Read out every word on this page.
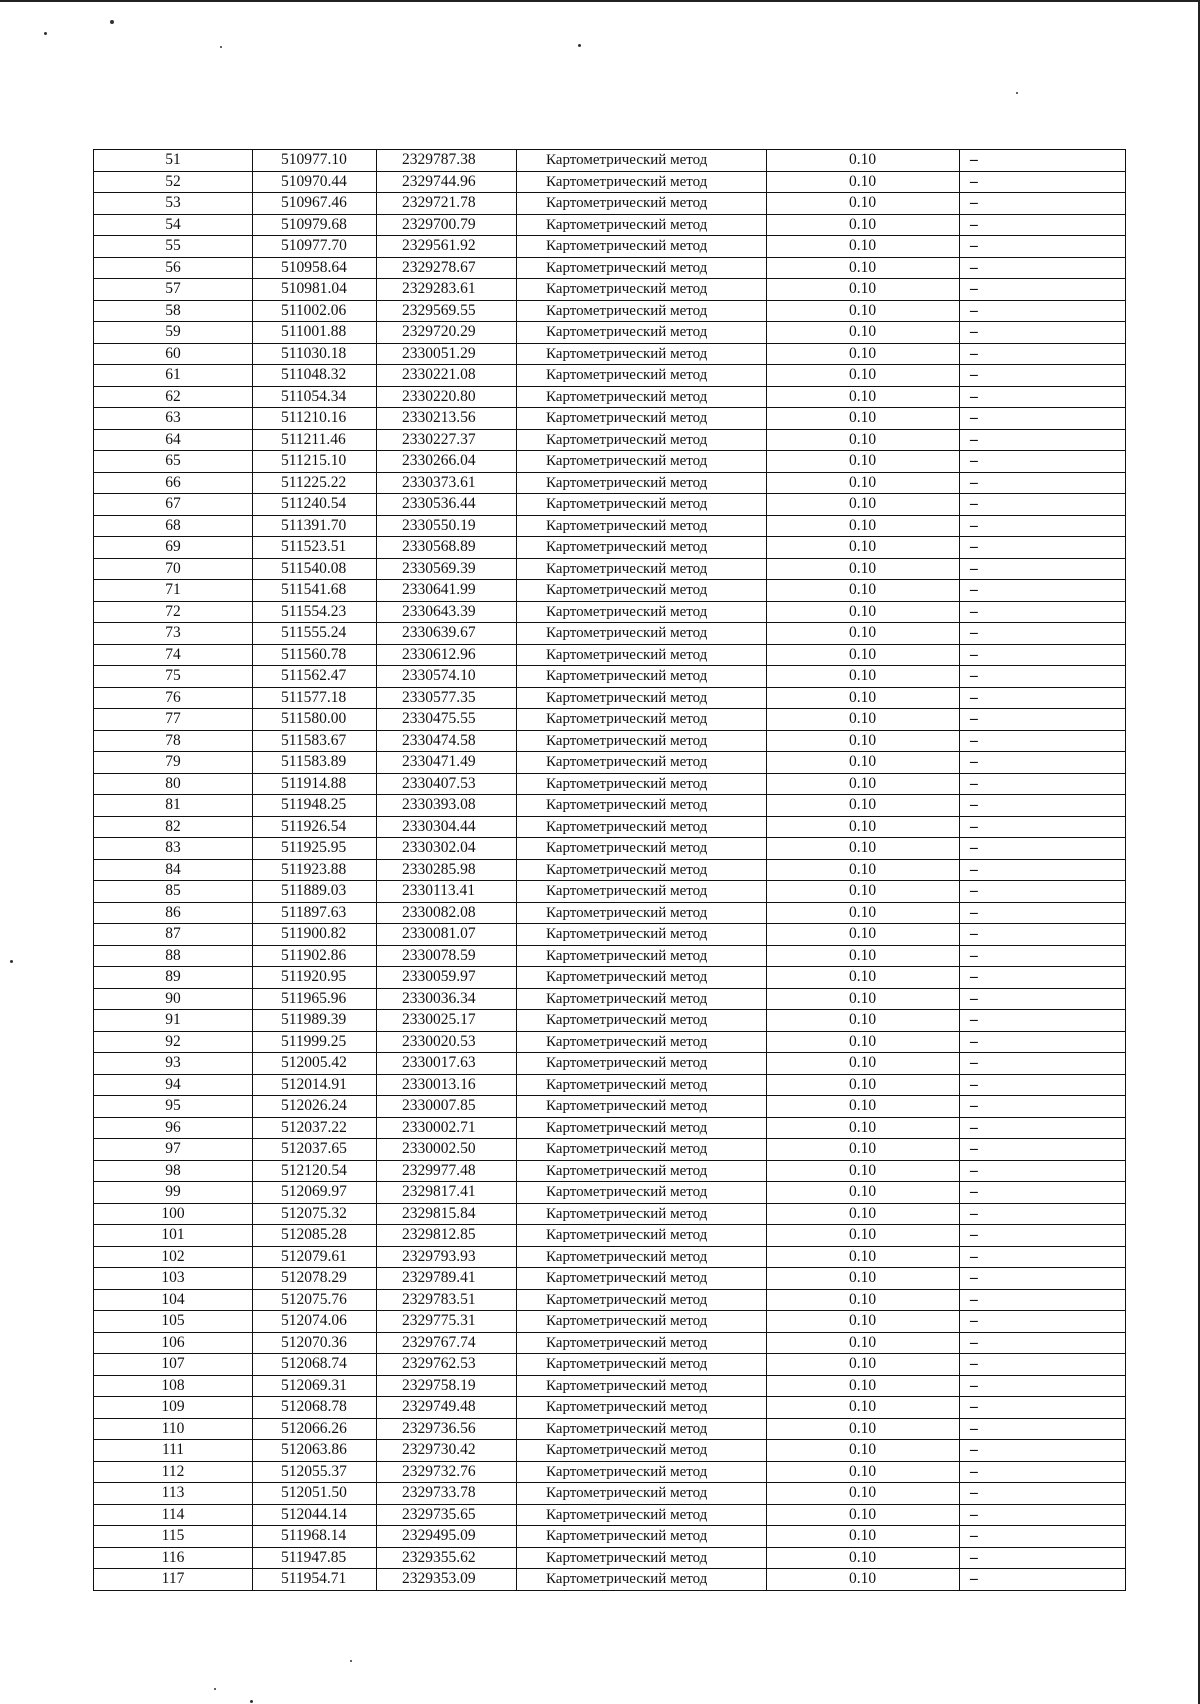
51	510977.10	2329787.38	Картометрический метод	0.10	–
52	510970.44	2329744.96	Картометрический метод	0.10	–
53	510967.46	2329721.78	Картометрический метод	0.10	–
54	510979.68	2329700.79	Картометрический метод	0.10	–
55	510977.70	2329561.92	Картометрический метод	0.10	–
56	510958.64	2329278.67	Картометрический метод	0.10	–
57	510981.04	2329283.61	Картометрический метод	0.10	–
58	511002.06	2329569.55	Картометрический метод	0.10	–
59	511001.88	2329720.29	Картометрический метод	0.10	–
60	511030.18	2330051.29	Картометрический метод	0.10	–
61	511048.32	2330221.08	Картометрический метод	0.10	–
62	511054.34	2330220.80	Картометрический метод	0.10	–
63	511210.16	2330213.56	Картометрический метод	0.10	–
64	511211.46	2330227.37	Картометрический метод	0.10	–
65	511215.10	2330266.04	Картометрический метод	0.10	–
66	511225.22	2330373.61	Картометрический метод	0.10	–
67	511240.54	2330536.44	Картометрический метод	0.10	–
68	511391.70	2330550.19	Картометрический метод	0.10	–
69	511523.51	2330568.89	Картометрический метод	0.10	–
70	511540.08	2330569.39	Картометрический метод	0.10	–
71	511541.68	2330641.99	Картометрический метод	0.10	–
72	511554.23	2330643.39	Картометрический метод	0.10	–
73	511555.24	2330639.67	Картометрический метод	0.10	–
74	511560.78	2330612.96	Картометрический метод	0.10	–
75	511562.47	2330574.10	Картометрический метод	0.10	–
76	511577.18	2330577.35	Картометрический метод	0.10	–
77	511580.00	2330475.55	Картометрический метод	0.10	–
78	511583.67	2330474.58	Картометрический метод	0.10	–
79	511583.89	2330471.49	Картометрический метод	0.10	–
80	511914.88	2330407.53	Картометрический метод	0.10	–
81	511948.25	2330393.08	Картометрический метод	0.10	–
82	511926.54	2330304.44	Картометрический метод	0.10	–
83	511925.95	2330302.04	Картометрический метод	0.10	–
84	511923.88	2330285.98	Картометрический метод	0.10	–
85	511889.03	2330113.41	Картометрический метод	0.10	–
86	511897.63	2330082.08	Картометрический метод	0.10	–
87	511900.82	2330081.07	Картометрический метод	0.10	–
88	511902.86	2330078.59	Картометрический метод	0.10	–
89	511920.95	2330059.97	Картометрический метод	0.10	–
90	511965.96	2330036.34	Картометрический метод	0.10	–
91	511989.39	2330025.17	Картометрический метод	0.10	–
92	511999.25	2330020.53	Картометрический метод	0.10	–
93	512005.42	2330017.63	Картометрический метод	0.10	–
94	512014.91	2330013.16	Картометрический метод	0.10	–
95	512026.24	2330007.85	Картометрический метод	0.10	–
96	512037.22	2330002.71	Картометрический метод	0.10	–
97	512037.65	2330002.50	Картометрический метод	0.10	–
98	512120.54	2329977.48	Картометрический метод	0.10	–
99	512069.97	2329817.41	Картометрический метод	0.10	–
100	512075.32	2329815.84	Картометрический метод	0.10	–
101	512085.28	2329812.85	Картометрический метод	0.10	–
102	512079.61	2329793.93	Картометрический метод	0.10	–
103	512078.29	2329789.41	Картометрический метод	0.10	–
104	512075.76	2329783.51	Картометрический метод	0.10	–
105	512074.06	2329775.31	Картометрический метод	0.10	–
106	512070.36	2329767.74	Картометрический метод	0.10	–
107	512068.74	2329762.53	Картометрический метод	0.10	–
108	512069.31	2329758.19	Картометрический метод	0.10	–
109	512068.78	2329749.48	Картометрический метод	0.10	–
110	512066.26	2329736.56	Картометрический метод	0.10	–
111	512063.86	2329730.42	Картометрический метод	0.10	–
112	512055.37	2329732.76	Картометрический метод	0.10	–
113	512051.50	2329733.78	Картометрический метод	0.10	–
114	512044.14	2329735.65	Картометрический метод	0.10	–
115	511968.14	2329495.09	Картометрический метод	0.10	–
116	511947.85	2329355.62	Картометрический метод	0.10	–
117	511954.71	2329353.09	Картометрический метод	0.10	–
